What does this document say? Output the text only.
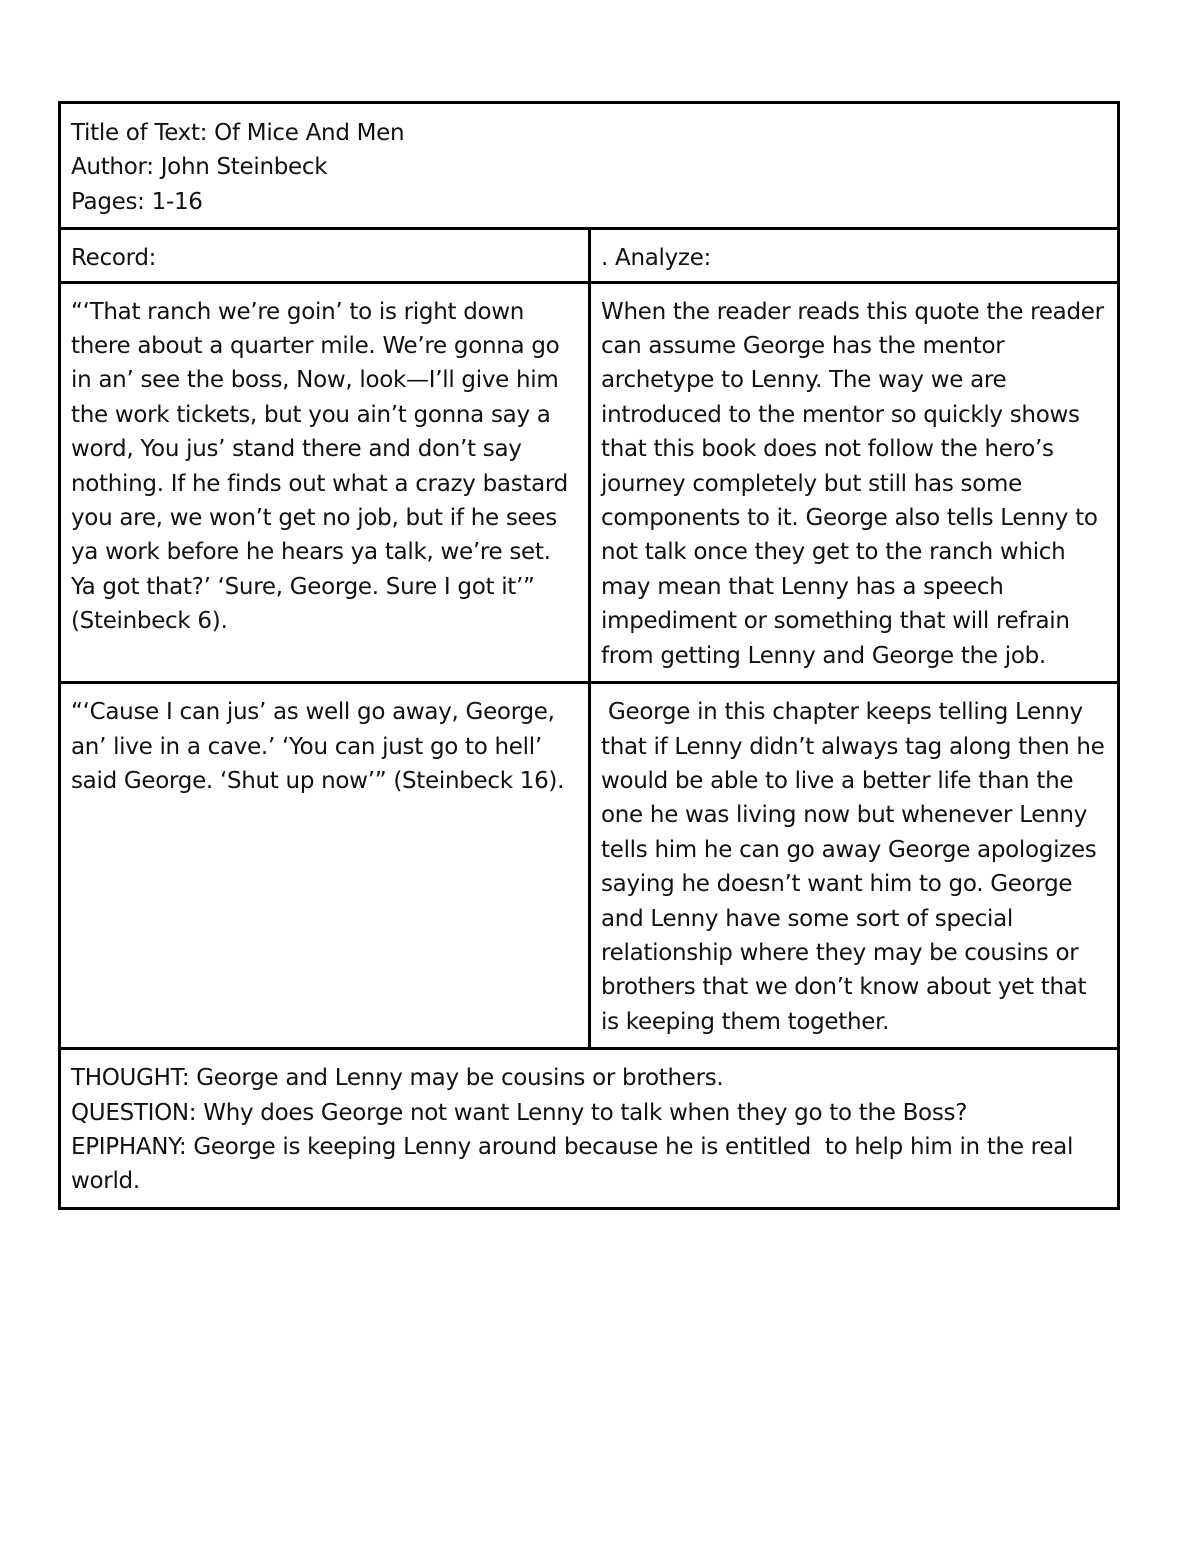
Title of Text: Of Mice And Men
Author: John Steinbeck
Pages: 1-16
Record:	. Analyze:
“‘That ranch we’re goin’ to is right down there about a quarter mile. We’re gonna go in an’ see the boss, Now, look—I’ll give him the work tickets, but you ain’t gonna say a word, You jus’ stand there and don’t say nothing. If he finds out what a crazy bastard you are, we won’t get no job, but if he sees ya work before he hears ya talk, we’re set. Ya got that?’ ‘Sure, George. Sure I got it’” (Steinbeck 6).
When the reader reads this quote the reader can assume George has the mentor archetype to Lenny. The way we are introduced to the mentor so quickly shows that this book does not follow the hero’s journey completely but still has some components to it. George also tells Lenny to not talk once they get to the ranch which may mean that Lenny has a speech impediment or something that will refrain from getting Lenny and George the job.
“‘Cause I can jus’ as well go away, George, an’ live in a cave.’ ‘You can just go to hell’ said George. ‘Shut up now’” (Steinbeck 16).
George in this chapter keeps telling Lenny that if Lenny didn’t always tag along then he would be able to live a better life than the one he was living now but whenever Lenny tells him he can go away George apologizes saying he doesn’t want him to go. George and Lenny have some sort of special relationship where they may be cousins or brothers that we don’t know about yet that is keeping them together.
THOUGHT: George and Lenny may be cousins or brothers.
QUESTION: Why does George not want Lenny to talk when they go to the Boss?
EPIPHANY: George is keeping Lenny around because he is entitled  to help him in the real world.
